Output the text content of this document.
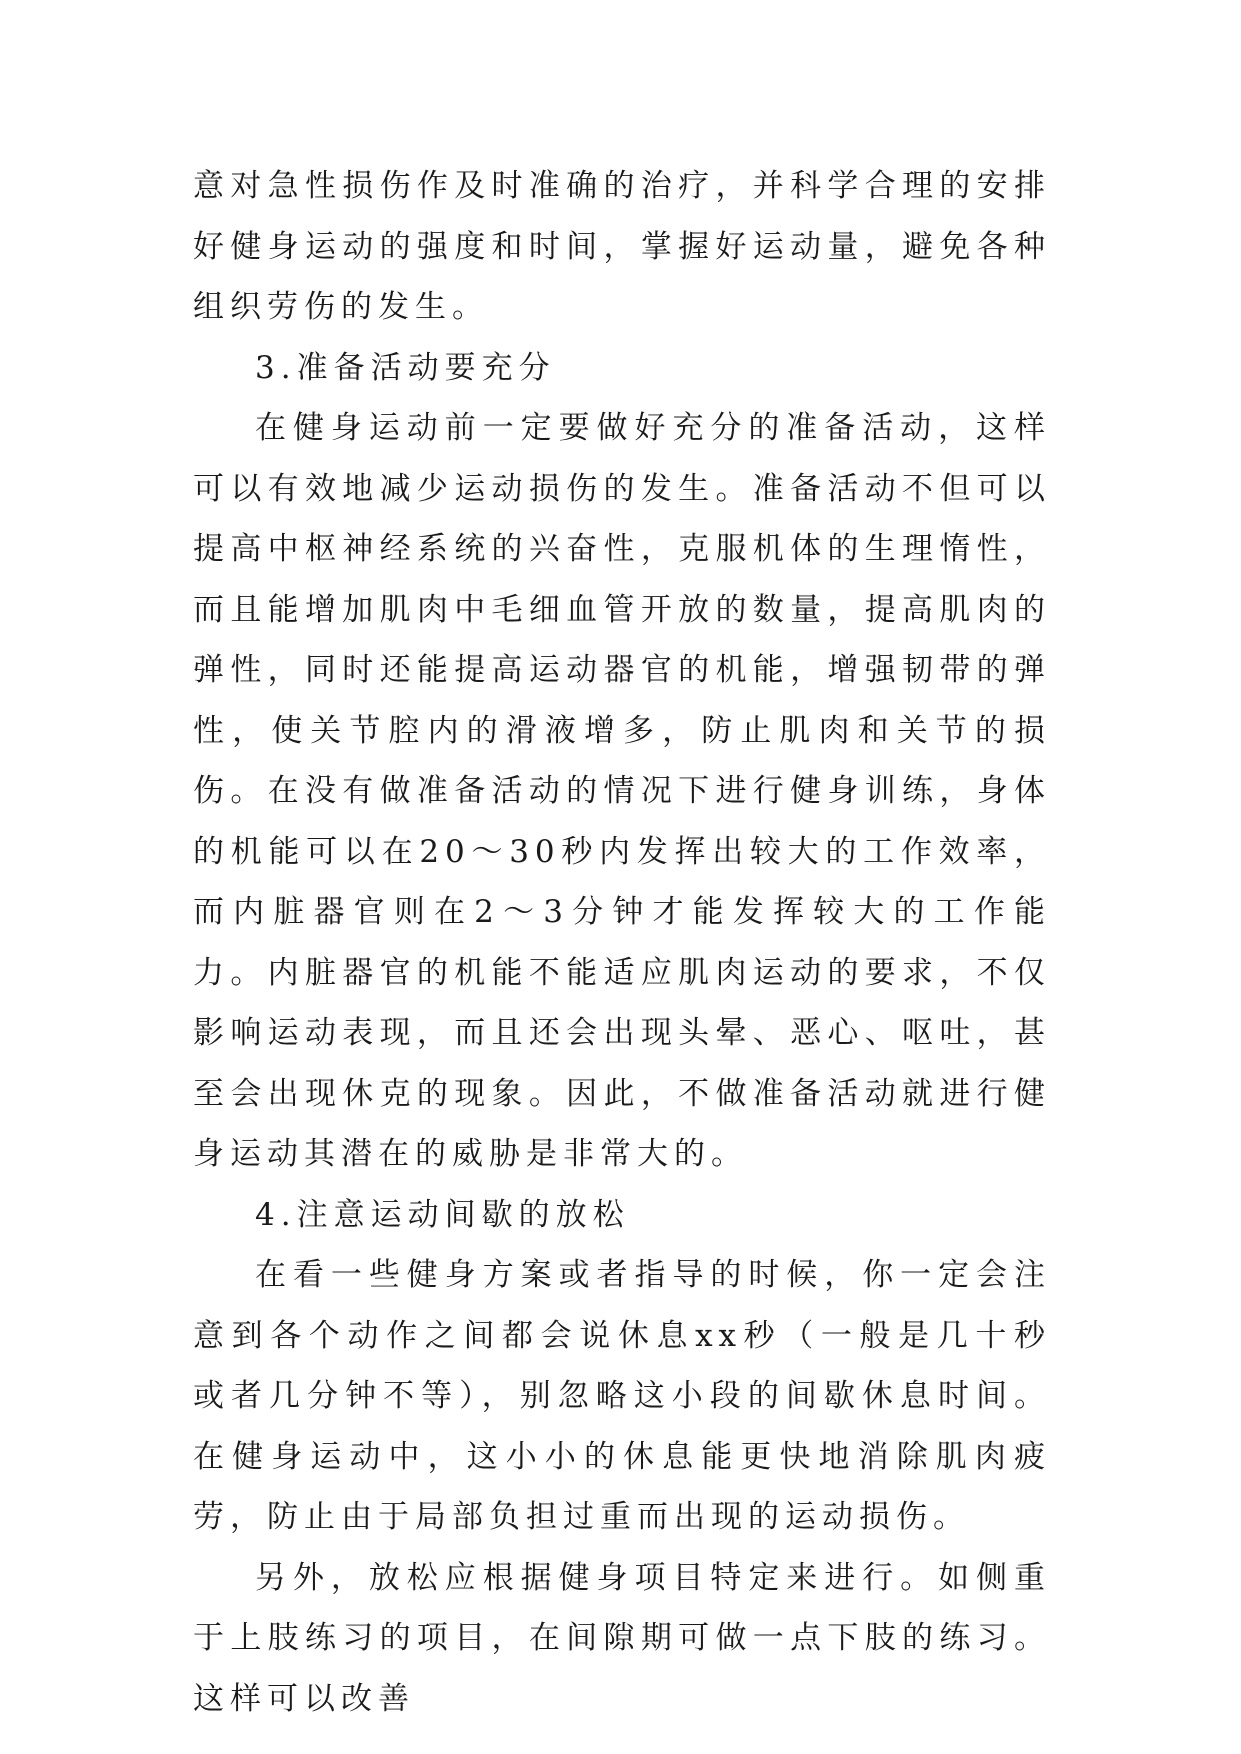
意对急性损伤作及时准确的治疗，并科学合理的安排好健身运动的强度和时间，掌握好运动量，避免各种组织劳伤的发生。

3.准备活动要充分

在健身运动前一定要做好充分的准备活动，这样可以有效地减少运动损伤的发生。准备活动不但可以提高中枢神经系统的兴奋性，克服机体的生理惰性，而且能增加肌肉中毛细血管开放的数量，提高肌肉的弹性，同时还能提高运动器官的机能，增强韧带的弹性，使关节腔内的滑液增多，防止肌肉和关节的损伤。在没有做准备活动的情况下进行健身训练，身体的机能可以在20～30秒内发挥出较大的工作效率，而内脏器官则在2～3分钟才能发挥较大的工作能力。内脏器官的机能不能适应肌肉运动的要求，不仅影响运动表现，而且还会出现头晕、恶心、呕吐，甚至会出现休克的现象。因此，不做准备活动就进行健身运动其潜在的威胁是非常大的。

4.注意运动间歇的放松

在看一些健身方案或者指导的时候，你一定会注意到各个动作之间都会说休息xx秒（一般是几十秒或者几分钟不等），别忽略这小段的间歇休息时间。在健身运动中，这小小的休息能更快地消除肌肉疲劳，防止由于局部负担过重而出现的运动损伤。

另外，放松应根据健身项目特定来进行。如侧重于上肢练习的项目，在间隙期可做一点下肢的练习。这样可以改善
